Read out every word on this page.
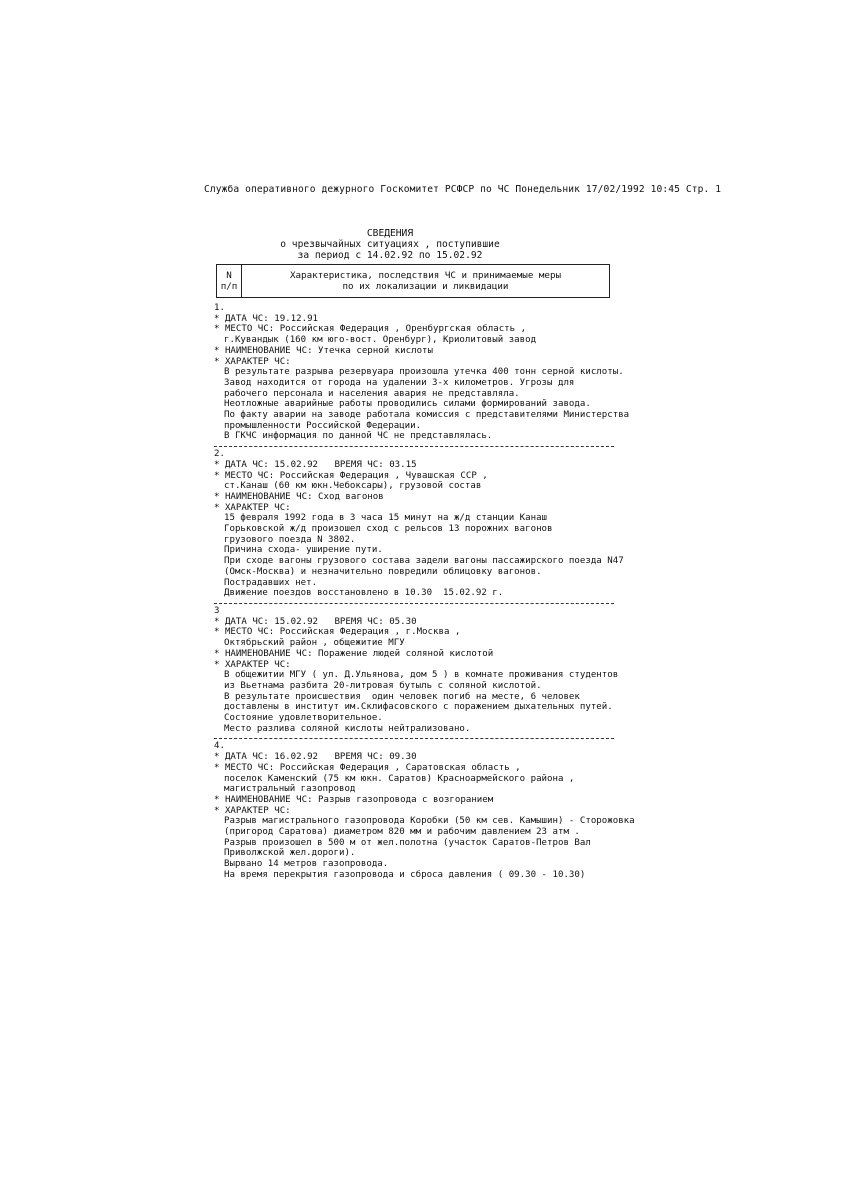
Служба оперативного дежурного Госкомитет РСФСР по ЧС Понедельник 17/02/1992 10:45 Стр. 1
СВЕДЕНИЯ
о чрезвычайных ситуациях , поступившие
за период с 14.02.92 по 15.02.92
N
п/п
Характеристика, последствия ЧС и принимаемые меры
по их локализации и ликвидации
1.
* ДАТА ЧС: 19.12.91
* МЕСТО ЧС: Российская Федерация , Оренбургская область ,
г.Кувандык (160 км юго-вост. Оренбург), Криолитовый завод
* НАИМЕНОВАНИЕ ЧС: Утечка серной кислоты
* ХАРАКТЕР ЧС:
В результате разрыва резервуара произошла утечка 400 тонн серной кислоты.
Завод находится от города на удалении 3-х километров. Угрозы для
рабочего персонала и населения авария не представляла.
Неотложные аварийные работы проводились силами формирований завода.
По факту аварии на заводе работала комиссия с представителями Министерства
промышленности Российской Федерации.
В ГКЧС информация по данной ЧС не представлялась.
2.
* ДАТА ЧС: 15.02.92   ВРЕМЯ ЧС: 03.15
* МЕСТО ЧС: Российская Федерация , Чувашская ССР ,
ст.Канаш (60 км юкн.Чебоксары), грузовой состав
* НАИМЕНОВАНИЕ ЧС: Сход вагонов
* ХАРАКТЕР ЧС:
15 февраля 1992 года в 3 часа 15 минут на ж/д станции Канаш
Горьковской ж/д произошел сход с рельсов 13 порожних вагонов
грузового поезда N 3802.
Причина схода- уширение пути.
При сходе вагоны грузового состава задели вагоны пассажирского поезда N47
(Омск-Москва) и незначительно повредили облицовку вагонов.
Пострадавших нет.
Движение поездов восстановлено в 10.30  15.02.92 г.
3
* ДАТА ЧС: 15.02.92   ВРЕМЯ ЧС: 05.30
* МЕСТО ЧС: Российская Федерация , г.Москва ,
Октябрьский район , общежитие МГУ
* НАИМЕНОВАНИЕ ЧС: Поражение людей соляной кислотой
* ХАРАКТЕР ЧС:
В общежитии МГУ ( ул. Д.Ульянова, дом 5 ) в комнате проживания студентов
из Вьетнама разбита 20-литровая бутыль с соляной кислотой.
В результате происшествия  один человек погиб на месте, 6 человек
доставлены в институт им.Склифасовского с поражением дыхательных путей.
Состояние удовлетворительное.
Место разлива соляной кислоты нейтрализовано.
4.
* ДАТА ЧС: 16.02.92   ВРЕМЯ ЧС: 09.30
* МЕСТО ЧС: Российская Федерация , Саратовская область ,
поселок Каменский (75 км юкн. Саратов) Красноармейского района ,
магистральный газопровод
* НАИМЕНОВАНИЕ ЧС: Разрыв газопровода с возгоранием
* ХАРАКТЕР ЧС:
Разрыв магистрального газопровода Коробки (50 км сев. Камышин) - Сторожовка
(пригород Саратова) диаметром 820 мм и рабочим давлением 23 атм .
Разрыв произошел в 500 м от жел.полотна (участок Саратов-Петров Вал
Приволжской жел.дороги).
Вырвано 14 метров газопровода.
На время перекрытия газопровода и сброса давления ( 09.30 - 10.30)
